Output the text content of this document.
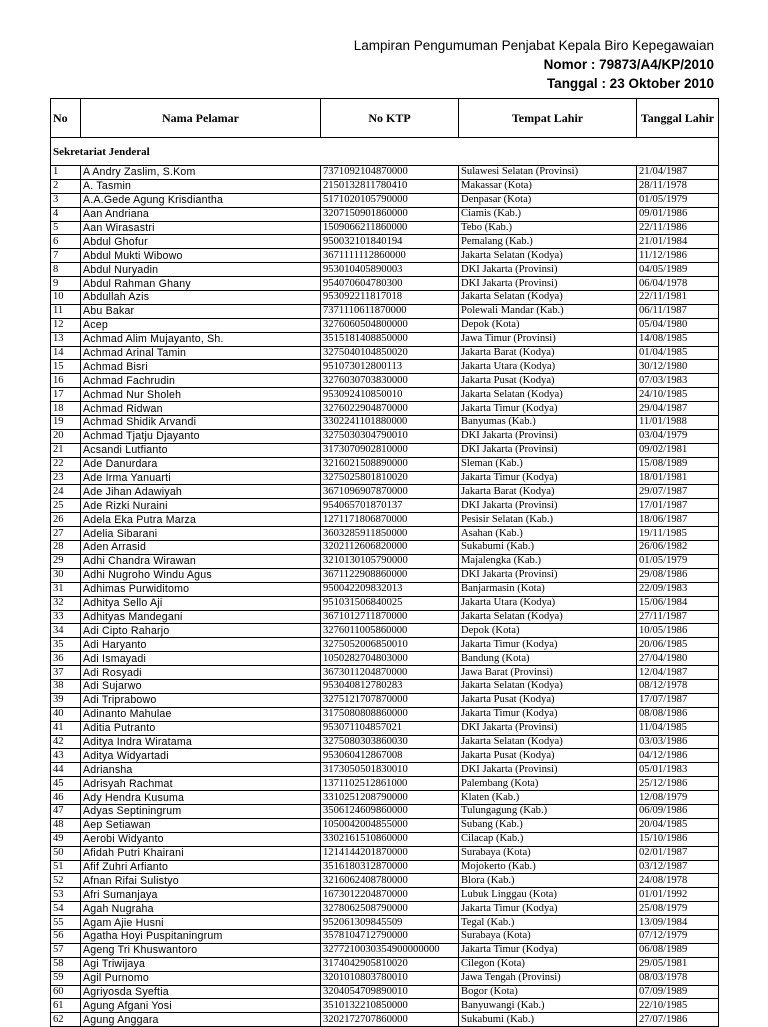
Lampiran Pengumuman Penjabat Kepala Biro Kepegawaian
Nomor : 79873/A4/KP/2010
Tanggal : 23 Oktober 2010
No	Nama Pelamar	No KTP	Tempat Lahir	Tanggal Lahir
Sekretariat Jenderal				
1	A Andry Zaslim, S.Kom	7371092104870000	Sulawesi Selatan (Provinsi)	21/04/1987
2	A. Tasmin	2150132811780410	Makassar (Kota)	28/11/1978
3	A.A.Gede Agung Krisdiantha	5171020105790000	Denpasar (Kota)	01/05/1979
4	Aan Andriana	3207150901860000	Ciamis (Kab.)	09/01/1986
5	Aan Wirasastri	1509066211860000	Tebo (Kab.)	22/11/1986
6	Abdul Ghofur	950032101840194	Pemalang (Kab.)	21/01/1984
7	Abdul Mukti Wibowo	3671111112860000	Jakarta Selatan (Kodya)	11/12/1986
8	Abdul Nuryadin	953010405890003	DKI Jakarta (Provinsi)	04/05/1989
9	Abdul Rahman Ghany	954070604780300	DKI Jakarta (Provinsi)	06/04/1978
10	Abdullah Azis	953092211817018	Jakarta Selatan (Kodya)	22/11/1981
11	Abu Bakar	7371110611870000	Polewali Mandar (Kab.)	06/11/1987
12	Acep	3276060504800000	Depok (Kota)	05/04/1980
13	Achmad Alim Mujayanto, Sh.	3515181408850000	Jawa Timur (Provinsi)	14/08/1985
14	Achmad Arinal Tamin	3275040104850020	Jakarta Barat (Kodya)	01/04/1985
15	Achmad Bisri	951073012800113	Jakarta Utara (Kodya)	30/12/1980
16	Achmad Fachrudin	3276030703830000	Jakarta Pusat (Kodya)	07/03/1983
17	Achmad Nur Sholeh	953092410850010	Jakarta Selatan (Kodya)	24/10/1985
18	Achmad Ridwan	3276022904870000	Jakarta Timur (Kodya)	29/04/1987
19	Achmad Shidik Arvandi	3302241101880000	Banyumas (Kab.)	11/01/1988
20	Achmad Tjatju Djayanto	3275030304790010	DKI Jakarta (Provinsi)	03/04/1979
21	Acsandi Lutfianto	3173070902810000	DKI Jakarta (Provinsi)	09/02/1981
22	Ade Danurdara	3216021508890000	Sleman (Kab.)	15/08/1989
23	Ade Irma Yanuarti	3275025801810020	Jakarta Timur (Kodya)	18/01/1981
24	Ade Jihan Adawiyah	3671096907870000	Jakarta Barat (Kodya)	29/07/1987
25	Ade Rizki Nuraini	954065701870137	DKI Jakarta (Provinsi)	17/01/1987
26	Adela Eka Putra Marza	1271171806870000	Pesisir Selatan (Kab.)	18/06/1987
27	Adelia Sibarani	3603285911850000	Asahan (Kab.)	19/11/1985
28	Aden Arrasid	3202112606820000	Sukabumi (Kab.)	26/06/1982
29	Adhi Chandra Wirawan	3210130105790000	Majalengka (Kab.)	01/05/1979
30	Adhi Nugroho Windu Agus	3671122908860000	DKI Jakarta (Provinsi)	29/08/1986
31	Adhimas Purwiditomo	950042209832013	Banjarmasin (Kota)	22/09/1983
32	Adhitya Sello Aji	951031506840025	Jakarta Utara (Kodya)	15/06/1984
33	Adhityas Mandegani	3671012711870000	Jakarta Selatan (Kodya)	27/11/1987
34	Adi Cipto Raharjo	3276011005860000	Depok (Kota)	10/05/1986
35	Adi Haryanto	3275052006850010	Jakarta Timur (Kodya)	20/06/1985
36	Adi Ismayadi	1050282704803000	Bandung (Kota)	27/04/1980
37	Adi Rosyadi	3673011204870000	Jawa Barat (Provinsi)	12/04/1987
38	Adi Sujarwo	953040812780283	Jakarta Selatan (Kodya)	08/12/1978
39	Adi Triprabowo	3275121707870000	Jakarta Pusat (Kodya)	17/07/1987
40	Adinanto Mahulae	3175080808860000	Jakarta Timur (Kodya)	08/08/1986
41	Aditia Putranto	953071104857021	DKI Jakarta (Provinsi)	11/04/1985
42	Aditya Indra Wiratama	3275080303860030	Jakarta Selatan (Kodya)	03/03/1986
43	Aditya Widyartadi	953060412867008	Jakarta Pusat (Kodya)	04/12/1986
44	Adriansha	3173050501830010	DKI Jakarta (Provinsi)	05/01/1983
45	Adrisyah Rachmat	1371102512861000	Palembang (Kota)	25/12/1986
46	Ady Hendra Kusuma	3310251208790000	Klaten (Kab.)	12/08/1979
47	Adyas Septiningrum	3506124609860000	Tulungagung (Kab.)	06/09/1986
48	Aep Setiawan	1050042004855000	Subang (Kab.)	20/04/1985
49	Aerobi Widyanto	3302161510860000	Cilacap (Kab.)	15/10/1986
50	Afidah Putri Khairani	1214144201870000	Surabaya (Kota)	02/01/1987
51	Afif Zuhri Arfianto	3516180312870000	Mojokerto (Kab.)	03/12/1987
52	Afnan Rifai Sulistyo	3216062408780000	Blora (Kab.)	24/08/1978
53	Afri Sumanjaya	1673012204870000	Lubuk Linggau (Kota)	01/01/1992
54	Agah Nugraha	3278062508790000	Jakarta Timur (Kodya)	25/08/1979
55	Agam Ajie Husni	952061309845509	Tegal (Kab.)	13/09/1984
56	Agatha Hoyi Puspitaningrum	3578104712790000	Surabaya (Kota)	07/12/1979
57	Ageng Tri Khuswantoro	3277210030354900000000	Jakarta Timur (Kodya)	06/08/1989
58	Agi Triwijaya	3174042905810020	Cilegon (Kota)	29/05/1981
59	Agil Purnomo	3201010803780010	Jawa Tengah (Provinsi)	08/03/1978
60	Agriyosda Syeftia	3204054709890010	Bogor (Kota)	07/09/1989
61	Agung Afgani Yosi	3510132210850000	Banyuwangi (Kab.)	22/10/1985
62	Agung Anggara	3202172707860000	Sukabumi (Kab.)	27/07/1986
